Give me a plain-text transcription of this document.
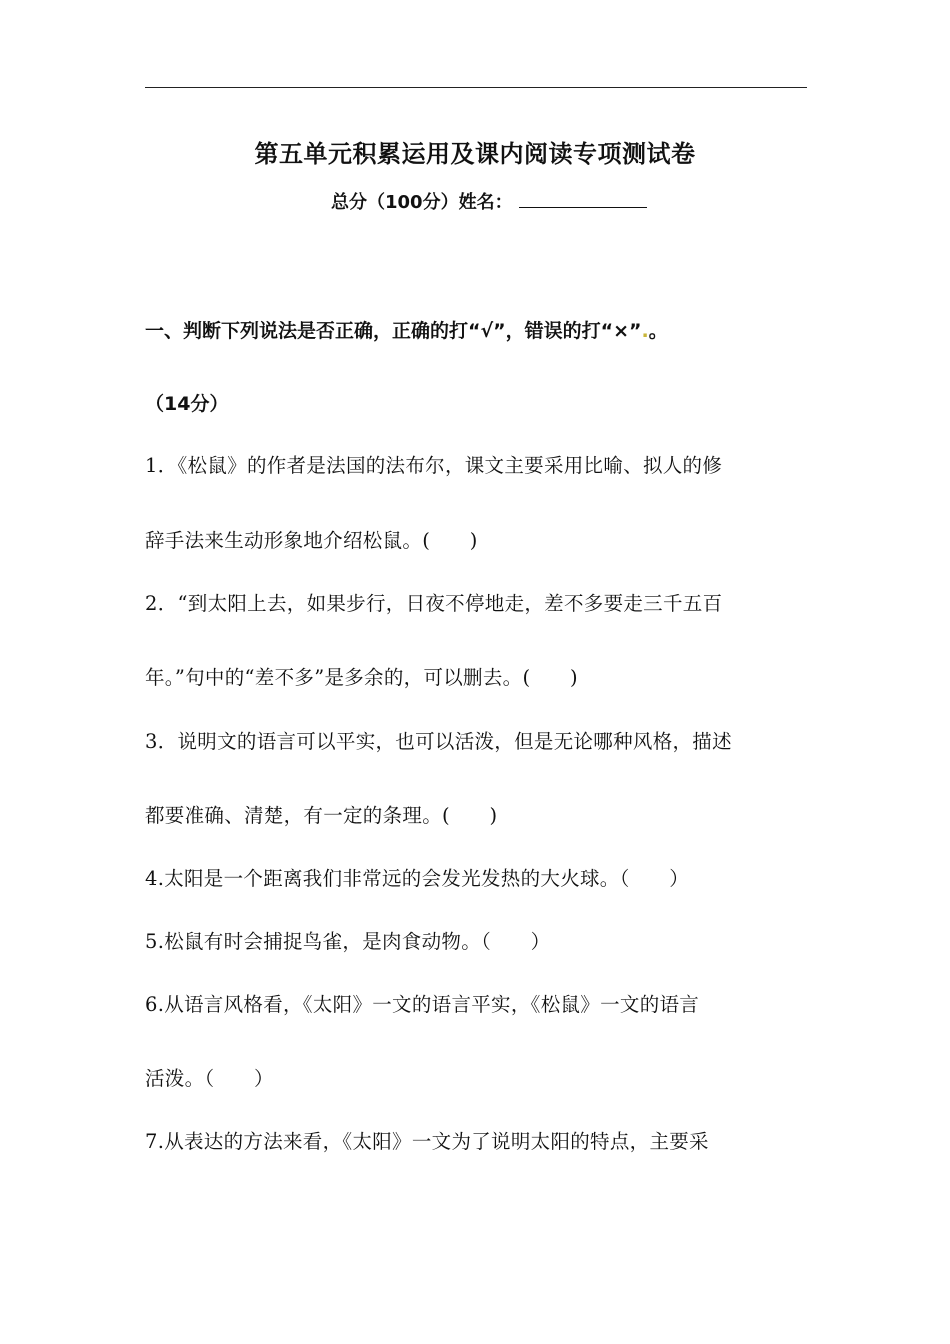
第五单元积累运用及课内阅读专项测试卷
总分（100分）姓名：
一、判断下列说法是否正确，正确的打“√”，错误的打“×”.。
（14分）
1．《松鼠》的作者是法国的法布尔，课文主要采用比喻、拟人的修
辞手法来生动形象地介绍松鼠。(　　)
2．“到太阳上去，如果步行，日夜不停地走，差不多要走三千五百
年。”句中的“差不多”是多余的，可以删去。(　　)
3．说明文的语言可以平实，也可以活泼，但是无论哪种风格，描述
都要准确、清楚，有一定的条理。(　　)
4.太阳是一个距离我们非常远的会发光发热的大火球。（　　）
5.松鼠有时会捕捉鸟雀，是肉食动物。（　　）
6.从语言风格看，《太阳》一文的语言平实，《松鼠》一文的语言
活泼。（　　）
7.从表达的方法来看，《太阳》一文为了说明太阳的特点，主要采
